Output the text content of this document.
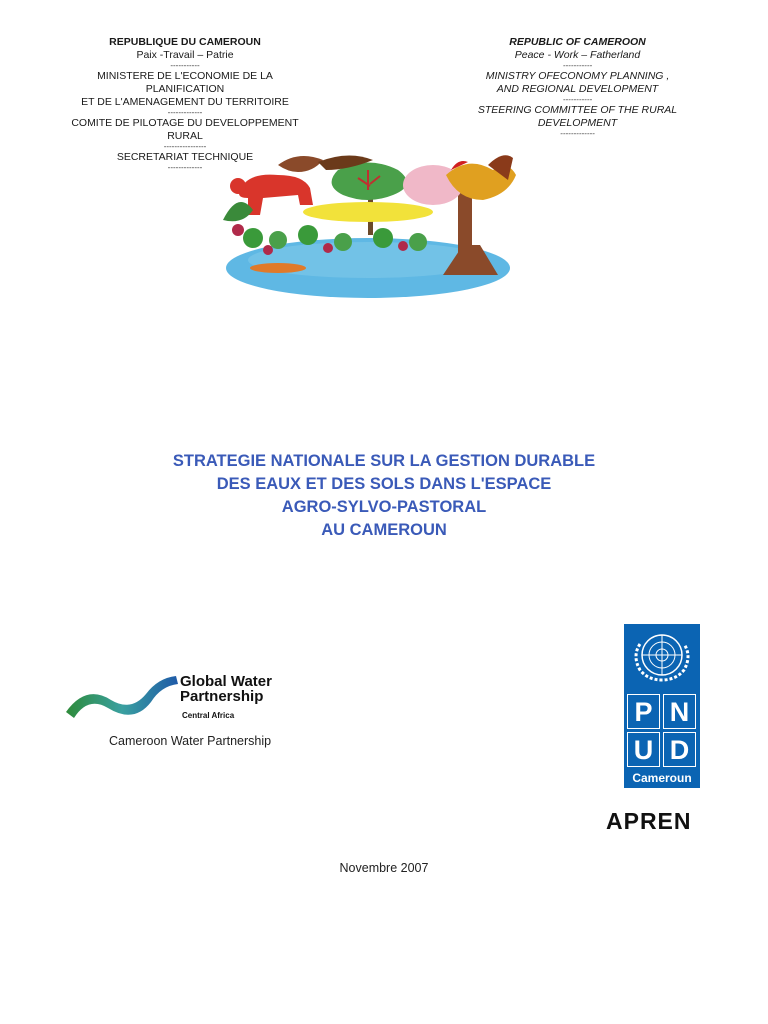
REPUBLIQUE DU CAMEROUN
Paix -Travail – Patrie
-----------
MINISTERE DE L'ECONOMIE DE LA PLANIFICATION
ET DE L'AMENAGEMENT DU TERRITOIRE
-------------
COMITE DE PILOTAGE DU DEVELOPPEMENT RURAL
----------------
SECRETARIAT TECHNIQUE
-------------
REPUBLIC OF CAMEROON
Peace - Work – Fatherland
-----------
MINISTRY OFECONOMY PLANNING ,
AND REGIONAL DEVELOPMENT
-----------
STEERING COMMITTEE OF THE RURAL DEVELOPMENT
-------------
STRATEGIE NATIONALE SUR LA GESTION DURABLE
DES EAUX ET DES SOLS DANS L'ESPACE
AGRO-SYLVO-PASTORAL
AU CAMEROUN
Global Water
Partnership
Central Africa
Cameroon Water Partnership
P N
U D
Cameroun
APREN
Novembre 2007
